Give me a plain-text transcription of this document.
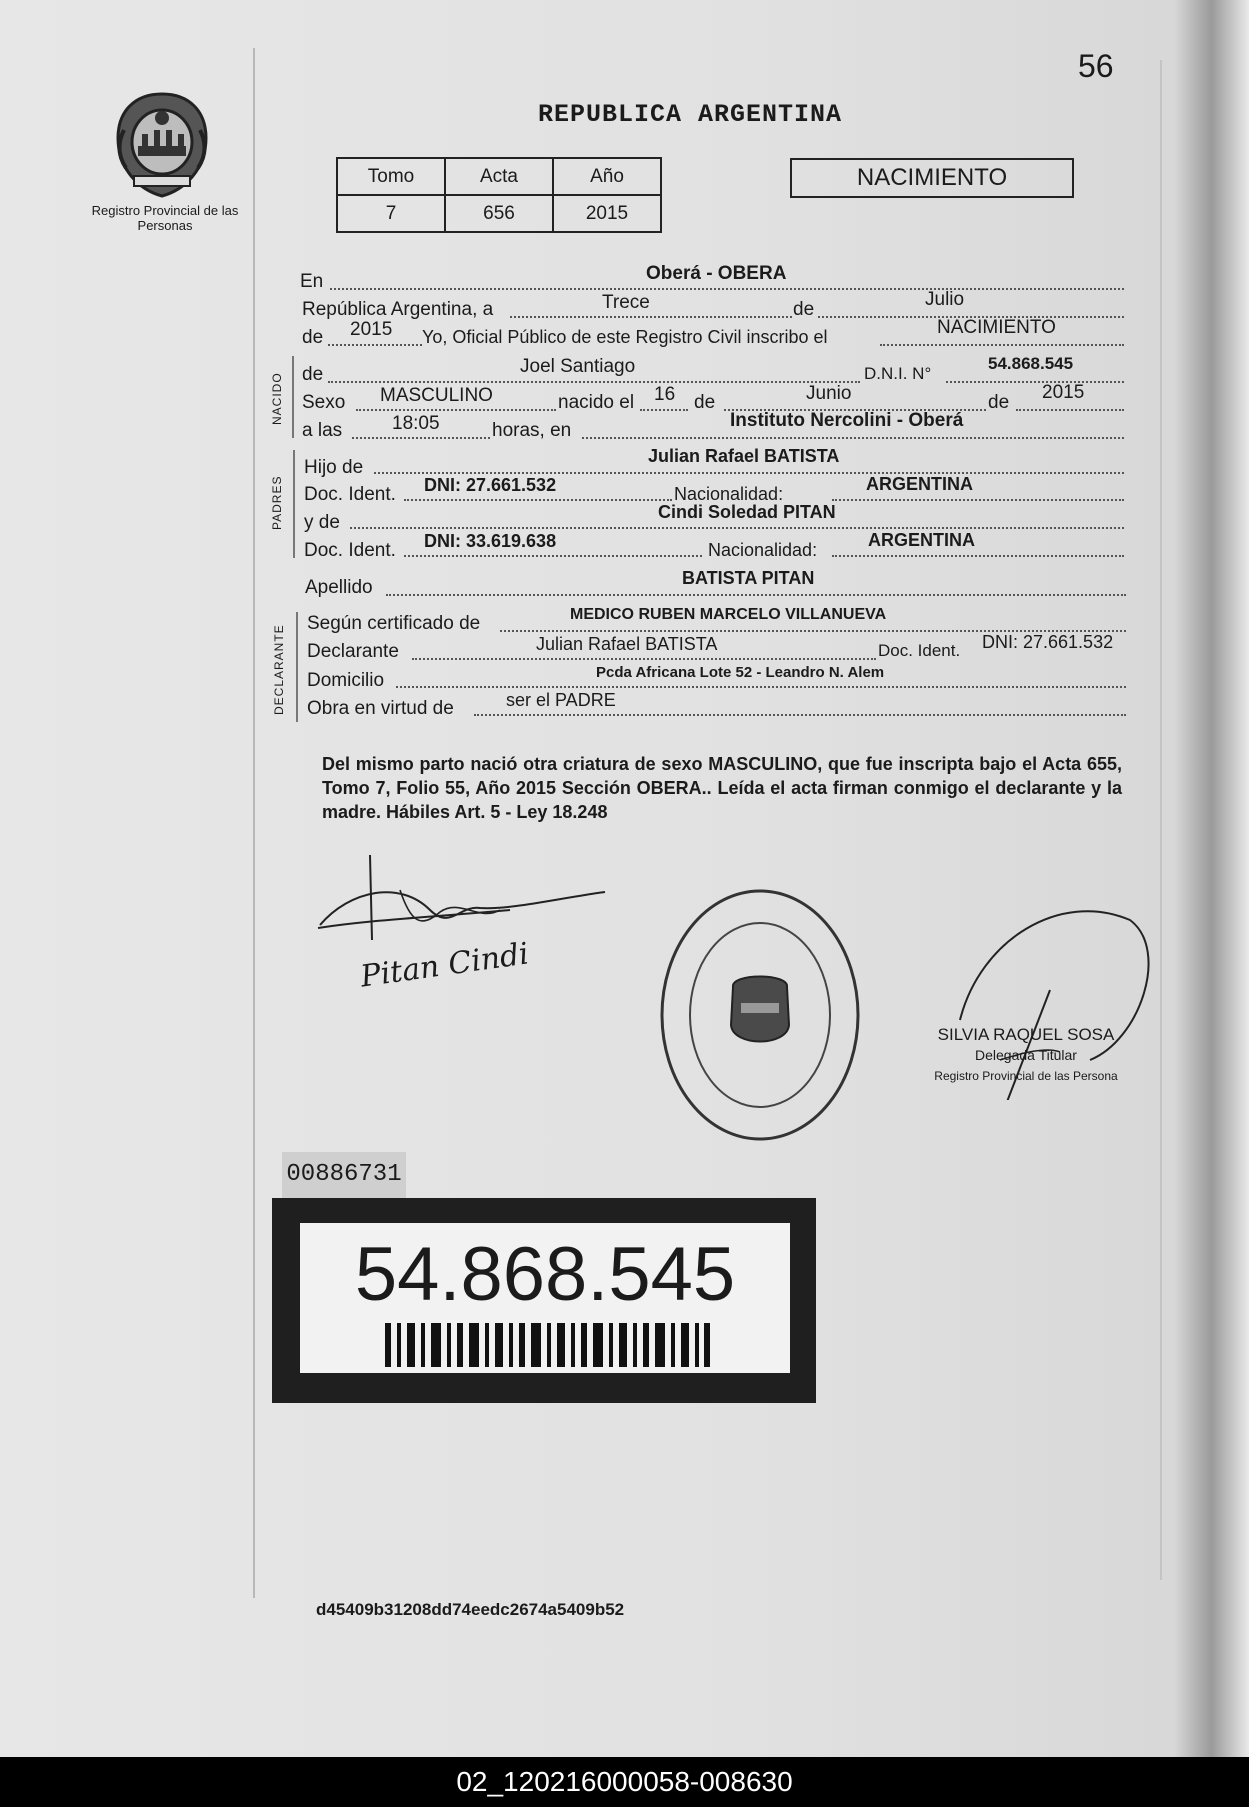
56
Registro Provincial de las Personas
REPUBLICA ARGENTINA
Tomo	Acta	Año
7	656	2015
NACIMIENTO
En	Oberá - OBERA
República Argentina, a	Trece	de	Julio
de 2015 Yo, Oficial Público de este Registro Civil inscribo el	NACIMIENTO
NACIDO de	Joel Santiago	D.N.I. N°
54.868.545
Sexo MASCULINO	nacido el 16 de	Junio	de 2015
a las	18:05	horas, en	Instituto Nercolini - Oberá
PADRES
Hijo de
Julian Rafael BATISTA
Doc. Ident. DNI: 27.661.532	Nacionalidad:	ARGENTINA
y de	Cindi Soledad PITAN
Doc. Ident. DNI: 33.619.638	Nacionalidad:	ARGENTINA
Apellido	BATISTA PITAN
DECLARANTE
Según certificado de	MEDICO RUBEN MARCELO VILLANUEVA
Declarante	Julian Rafael BATISTA	Doc. Ident. DNI: 27.661.532
Domicilio	Pcda Africana Lote 52 - Leandro N. Alem
Obra en virtud de	ser el PADRE
Del mismo parto nació otra criatura de sexo MASCULINO, que fue inscripta bajo el Acta 655, Tomo 7, Folio 55, Año 2015 Sección OBERA.. Leída el acta firman conmigo el declarante y la madre. Hábiles Art. 5 - Ley 18.248
Pitan Cindi
SILVIA RAQUEL SOSA
Delegada Titular
Registro Provincial de las Persona
00886731
54.868.545
d45409b31208dd74eedc2674a5409b52
02_120216000058-008630
